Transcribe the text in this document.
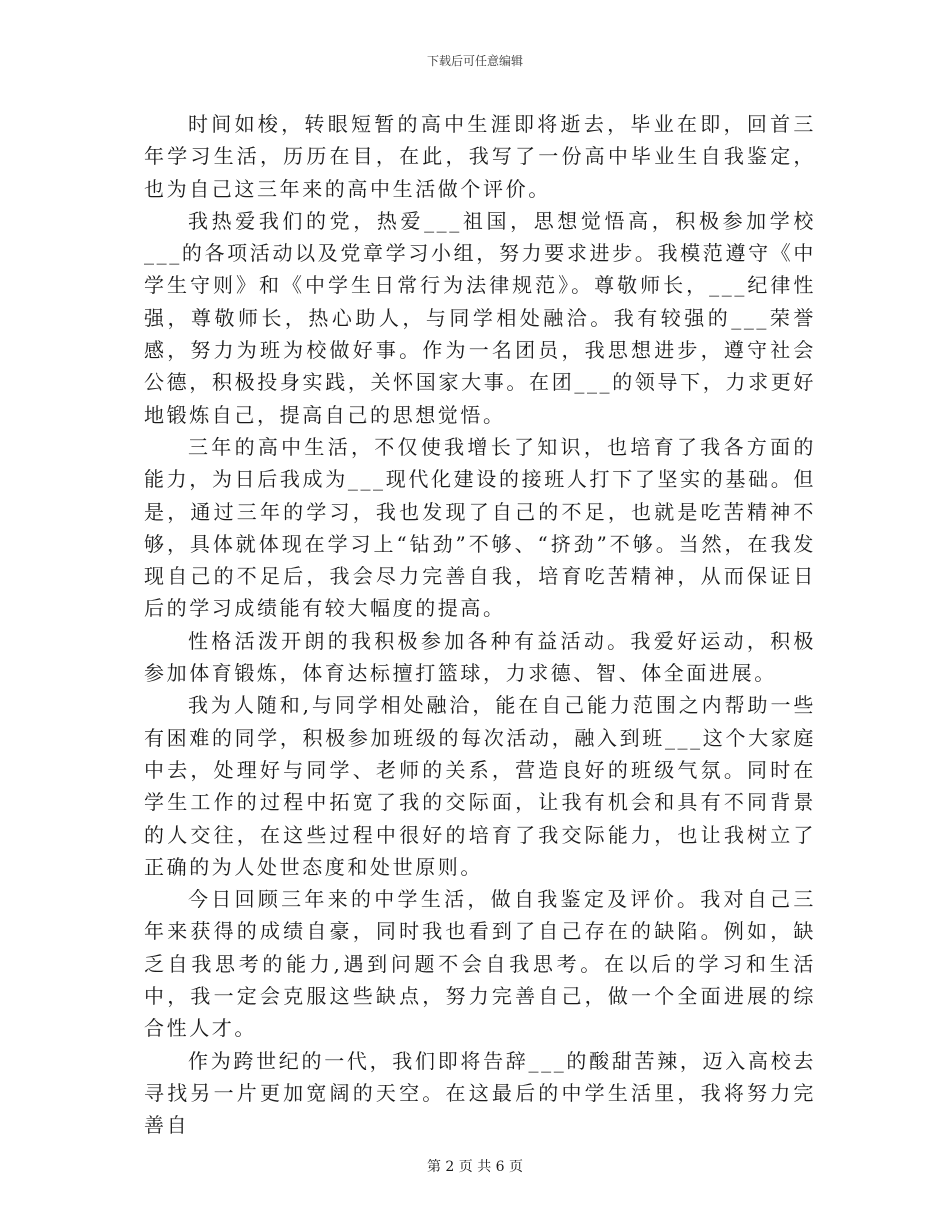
下载后可任意编辑

时间如梭，转眼短暂的高中生涯即将逝去，毕业在即，回首三年学习生活，历历在目，在此，我写了一份高中毕业生自我鉴定，也为自己这三年来的高中生活做个评价。

我热爱我们的党，热爱___祖国，思想觉悟高，积极参加学校___的各项活动以及党章学习小组，努力要求进步。我模范遵守《中学生守则》和《中学生日常行为法律规范》。尊敬师长，___纪律性强，尊敬师长，热心助人，与同学相处融洽。我有较强的___荣誉感，努力为班为校做好事。作为一名团员，我思想进步，遵守社会公德，积极投身实践，关怀国家大事。在团___的领导下，力求更好地锻炼自己，提高自己的思想觉悟。

三年的高中生活，不仅使我增长了知识，也培育了我各方面的能力，为日后我成为___现代化建设的接班人打下了坚实的基础。但是，通过三年的学习，我也发现了自己的不足，也就是吃苦精神不够，具体就体现在学习上“钻劲”不够、“挤劲”不够。当然，在我发现自己的不足后，我会尽力完善自我，培育吃苦精神，从而保证日后的学习成绩能有较大幅度的提高。

性格活泼开朗的我积极参加各种有益活动。我爱好运动，积极参加体育锻炼，体育达标擅打篮球，力求德、智、体全面进展。

我为人随和,与同学相处融洽，能在自己能力范围之内帮助一些有困难的同学，积极参加班级的每次活动，融入到班___这个大家庭中去，处理好与同学、老师的关系，营造良好的班级气氛。同时在学生工作的过程中拓宽了我的交际面，让我有机会和具有不同背景的人交往，在这些过程中很好的培育了我交际能力，也让我树立了正确的为人处世态度和处世原则。

今日回顾三年来的中学生活，做自我鉴定及评价。我对自己三年来获得的成绩自豪，同时我也看到了自己存在的缺陷。例如，缺乏自我思考的能力,遇到问题不会自我思考。在以后的学习和生活中，我一定会克服这些缺点，努力完善自己，做一个全面进展的综合性人才。

作为跨世纪的一代，我们即将告辞___的酸甜苦辣，迈入高校去寻找另一片更加宽阔的天空。在这最后的中学生活里，我将努力完善自

第 2 页 共 6 页
